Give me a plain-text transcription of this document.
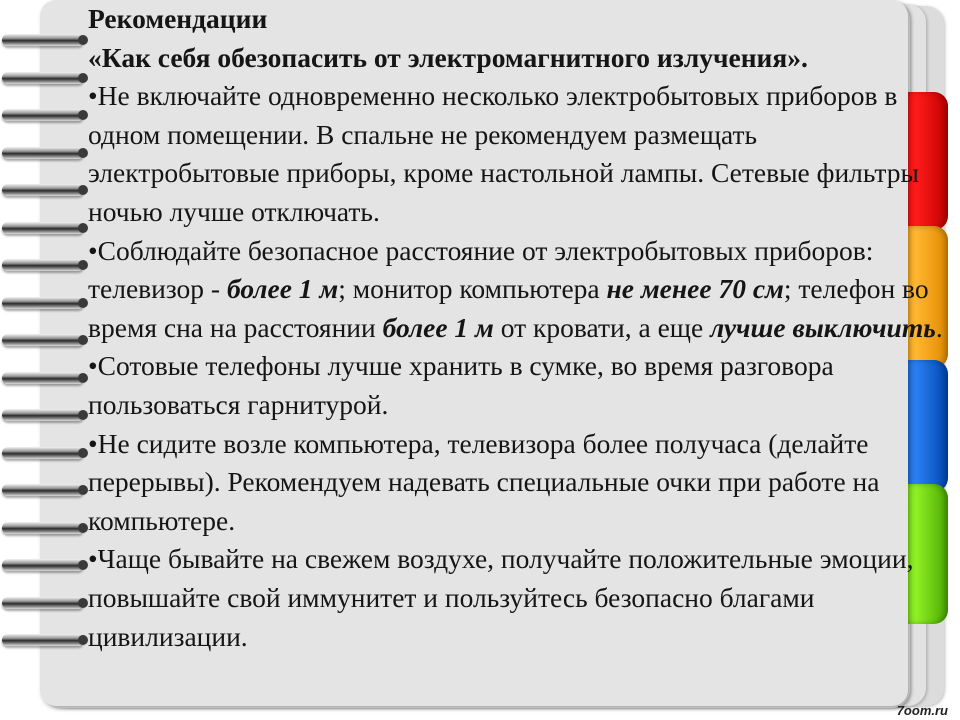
Рекомендации
«Как себя обезопасить от электромагнитного излучения».

•Не включайте одновременно несколько электробытовых приборов в одном помещении. В спальне не рекомендуем размещать электробытовые приборы, кроме настольной лампы. Сетевые фильтры ночью лучше отключать.

•Соблюдайте безопасное расстояние от электробытовых приборов: телевизор - более 1 м; монитор компьютера не менее 70 см; телефон во время сна на расстоянии более 1 м от кровати, а еще лучше выключить.

•Сотовые телефоны лучше хранить в сумке, во время разговора пользоваться гарнитурой.

•Не сидите возле компьютера, телевизора более получаса (делайте перерывы). Рекомендуем надевать специальные очки при работе на компьютере.

•Чаще бывайте на свежем воздухе, получайте положительные эмоции, повышайте свой иммунитет и пользуйтесь безопасно благами цивилизации.

7oom.ru
